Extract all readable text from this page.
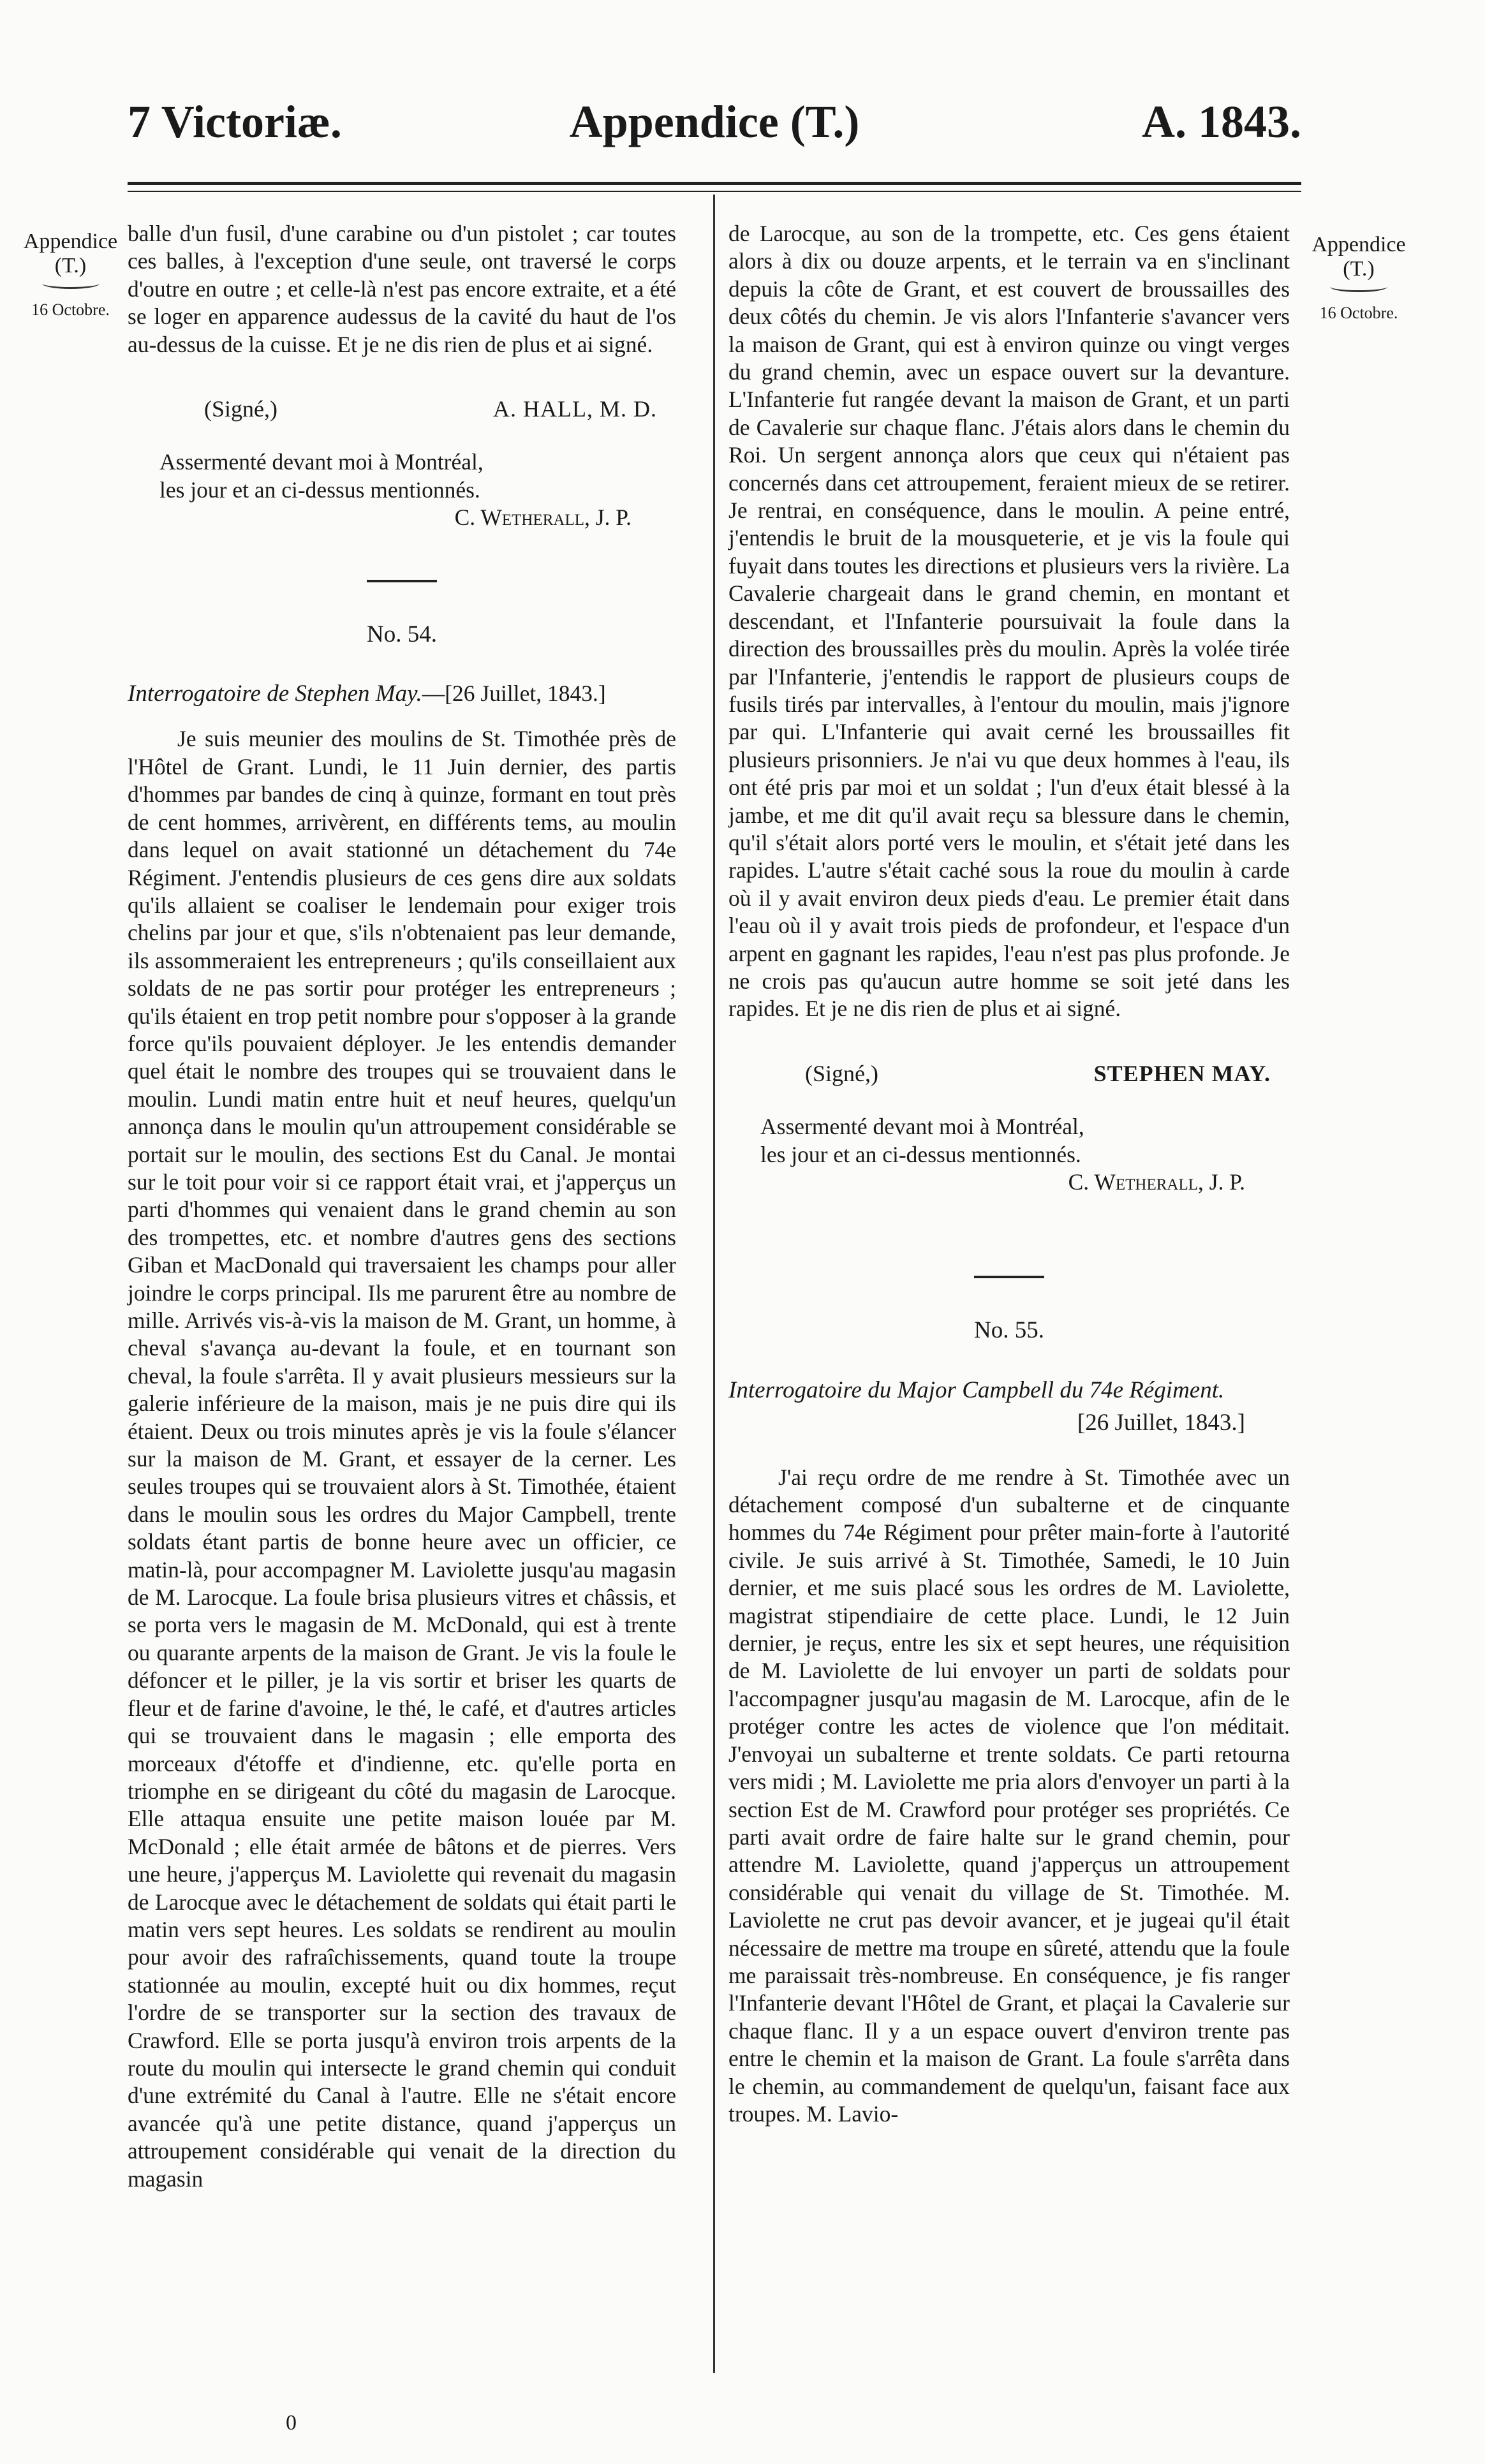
7 Victoriæ.	Appendice (T.)	A. 1843.
Appendice
(T.)
16 Octobre.
Appendice
(T.)
16 Octobre.

balle d'un fusil, d'une carabine ou d'un pistolet ; car toutes ces balles, à l'exception d'une seule, ont traversé le corps d'outre en outre ; et celle-là n'est pas encore extraite, et a été se loger en apparence audessus de la cavité du haut de l'os au-dessus de la cuisse. Et je ne dis rien de plus et ai signé.

(Signé,)	A. HALL, M. D.
Assermenté devant moi à Montréal,
les jour et an ci-dessus mentionnés.
C. Wetherall, J. P.
No. 54.

Interrogatoire de Stephen May.—[26 Juillet, 1843.]

Je suis meunier des moulins de St. Timothée près de l'Hôtel de Grant. Lundi, le 11 Juin dernier, des partis d'hommes par bandes de cinq à quinze, formant en tout près de cent hommes, arrivèrent, en différents tems, au moulin dans lequel on avait stationné un détachement du 74e Régiment. J'entendis plusieurs de ces gens dire aux soldats qu'ils allaient se coaliser le lendemain pour exiger trois chelins par jour et que, s'ils n'obtenaient pas leur demande, ils assommeraient les entrepreneurs ; qu'ils conseillaient aux soldats de ne pas sortir pour protéger les entrepreneurs ; qu'ils étaient en trop petit nombre pour s'opposer à la grande force qu'ils pouvaient déployer. Je les entendis demander quel était le nombre des troupes qui se trouvaient dans le moulin. Lundi matin entre huit et neuf heures, quelqu'un annonça dans le moulin qu'un attroupement considérable se portait sur le moulin, des sections Est du Canal. Je montai sur le toit pour voir si ce rapport était vrai, et j'apperçus un parti d'hommes qui venaient dans le grand chemin au son des trompettes, etc. et nombre d'autres gens des sections Giban et MacDonald qui traversaient les champs pour aller joindre le corps principal. Ils me parurent être au nombre de mille. Arrivés vis-à-vis la maison de M. Grant, un homme, à cheval s'avança au-devant la foule, et en tournant son cheval, la foule s'arrêta. Il y avait plusieurs messieurs sur la galerie inférieure de la maison, mais je ne puis dire qui ils étaient. Deux ou trois minutes après je vis la foule s'élancer sur la maison de M. Grant, et essayer de la cerner. Les seules troupes qui se trouvaient alors à St. Timothée, étaient dans le moulin sous les ordres du Major Campbell, trente soldats étant partis de bonne heure avec un officier, ce matin-là, pour accompagner M. Laviolette jusqu'au magasin de M. Larocque. La foule brisa plusieurs vitres et châssis, et se porta vers le magasin de M. McDonald, qui est à trente ou quarante arpents de la maison de Grant. Je vis la foule le défoncer et le piller, je la vis sortir et briser les quarts de fleur et de farine d'avoine, le thé, le café, et d'autres articles qui se trouvaient dans le magasin ; elle emporta des morceaux d'étoffe et d'indienne, etc. qu'elle porta en triomphe en se dirigeant du côté du magasin de Larocque. Elle attaqua ensuite une petite maison louée par M. McDonald ; elle était armée de bâtons et de pierres. Vers une heure, j'apperçus M. Laviolette qui revenait du magasin de Larocque avec le détachement de soldats qui était parti le matin vers sept heures. Les soldats se rendirent au moulin pour avoir des rafraîchissements, quand toute la troupe stationnée au moulin, excepté huit ou dix hommes, reçut l'ordre de se transporter sur la section des travaux de Crawford. Elle se porta jusqu'à environ trois arpents de la route du moulin qui intersecte le grand chemin qui conduit d'une extrémité du Canal à l'autre. Elle ne s'était encore avancée qu'à une petite distance, quand j'apperçus un attroupement considérable qui venait de la direction du magasin

de Larocque, au son de la trompette, etc. Ces gens étaient alors à dix ou douze arpents, et le terrain va en s'inclinant depuis la côte de Grant, et est couvert de broussailles des deux côtés du chemin. Je vis alors l'Infanterie s'avancer vers la maison de Grant, qui est à environ quinze ou vingt verges du grand chemin, avec un espace ouvert sur la devanture. L'Infanterie fut rangée devant la maison de Grant, et un parti de Cavalerie sur chaque flanc. J'étais alors dans le chemin du Roi. Un sergent annonça alors que ceux qui n'étaient pas concernés dans cet attroupement, feraient mieux de se retirer. Je rentrai, en conséquence, dans le moulin. A peine entré, j'entendis le bruit de la mousqueterie, et je vis la foule qui fuyait dans toutes les directions et plusieurs vers la rivière. La Cavalerie chargeait dans le grand chemin, en montant et descendant, et l'Infanterie poursuivait la foule dans la direction des broussailles près du moulin. Après la volée tirée par l'Infanterie, j'entendis le rapport de plusieurs coups de fusils tirés par intervalles, à l'entour du moulin, mais j'ignore par qui. L'Infanterie qui avait cerné les broussailles fit plusieurs prisonniers. Je n'ai vu que deux hommes à l'eau, ils ont été pris par moi et un soldat ; l'un d'eux était blessé à la jambe, et me dit qu'il avait reçu sa blessure dans le chemin, qu'il s'était alors porté vers le moulin, et s'était jeté dans les rapides. L'autre s'était caché sous la roue du moulin à carde où il y avait environ deux pieds d'eau. Le premier était dans l'eau où il y avait trois pieds de profondeur, et l'espace d'un arpent en gagnant les rapides, l'eau n'est pas plus profonde. Je ne crois pas qu'aucun autre homme se soit jeté dans les rapides. Et je ne dis rien de plus et ai signé.

(Signé,)	STEPHEN MAY.
Assermenté devant moi à Montréal,
les jour et an ci-dessus mentionnés.
C. Wetherall, J. P.
No. 55.

Interrogatoire du Major Campbell du 74e Régiment.

[26 Juillet, 1843.]

J'ai reçu ordre de me rendre à St. Timothée avec un détachement composé d'un subalterne et de cinquante hommes du 74e Régiment pour prêter main-forte à l'autorité civile. Je suis arrivé à St. Timothée, Samedi, le 10 Juin dernier, et me suis placé sous les ordres de M. Laviolette, magistrat stipendiaire de cette place. Lundi, le 12 Juin dernier, je reçus, entre les six et sept heures, une réquisition de M. Laviolette de lui envoyer un parti de soldats pour l'accompagner jusqu'au magasin de M. Larocque, afin de le protéger contre les actes de violence que l'on méditait. J'envoyai un subalterne et trente soldats. Ce parti retourna vers midi ; M. Laviolette me pria alors d'envoyer un parti à la section Est de M. Crawford pour protéger ses propriétés. Ce parti avait ordre de faire halte sur le grand chemin, pour attendre M. Laviolette, quand j'apperçus un attroupement considérable qui venait du village de St. Timothée. M. Laviolette ne crut pas devoir avancer, et je jugeai qu'il était nécessaire de mettre ma troupe en sûreté, attendu que la foule me paraissait très-nombreuse. En conséquence, je fis ranger l'Infanterie devant l'Hôtel de Grant, et plaçai la Cavalerie sur chaque flanc. Il y a un espace ouvert d'environ trente pas entre le chemin et la maison de Grant. La foule s'arrêta dans le chemin, au commandement de quelqu'un, faisant face aux troupes. M. Lavio-

0
